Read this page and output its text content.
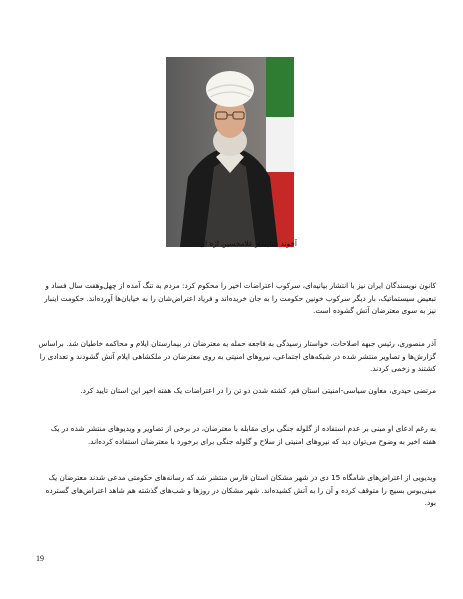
آخوند جنایتکار غلامحسین اژه ای

کانون نویسندگان ایران نیز با انتشار بیانیه‌ای، سرکوب اعتراضات اخیر را محکوم کرد: مردم به تنگ آمده از چهل‌وهفت سال فساد و تبعیض سیستماتیک، بار دیگر سرکوب خونین حکومت را به جان خریده‌اند و فریاد اعتراض‌شان را به خیابان‌ها آورده‌اند. حکومت اینبار نیز به سوی معترضان آتش گشوده است.

آذر منصوری، رئیس جبهه اصلاحات، خواستار رسیدگی به فاجعه حمله به معترضان در بیمارستان ایلام و محاکمه خاطیان شد. براساس گزارش‌ها و تصاویر منتشر شده در شبکه‌های اجتماعی، نیروهای امنیتی به روی معترضان در ملکشاهی ایلام آتش گشودند و تعدادی را کشتند و زخمی کردند.

مرتضی حیدری، معاون سیاسی-امنیتی استان قم، کشته شدن دو تن را در اعتراضات یک هفته اخیر این استان تایید کرد.

به رغم ادعای او مبنی بر عدم استفاده از گلوله جنگی برای مقابله با معترضان، در برخی از تصاویر و ویدیوهای منتشر شده در یک هفته اخیر به وضوح می‌توان دید که نیروهای امنیتی از سلاح و گلوله جنگی برای برخورد با معترضان استفاده کرده‌اند.

ویدیویی از اعتراض‌های شامگاه 15 دی در شهر مشکان استان فارس منتشر شد که رسانه‌های حکومتی مدعی شدند معترضان یک مینی‌بوس بسیج را متوقف کرده و آن را به آتش کشیده‌اند. شهر مشکان در روزها و شب‌های گذشته هم شاهد اعتراض‌های گسترده بود.

19
